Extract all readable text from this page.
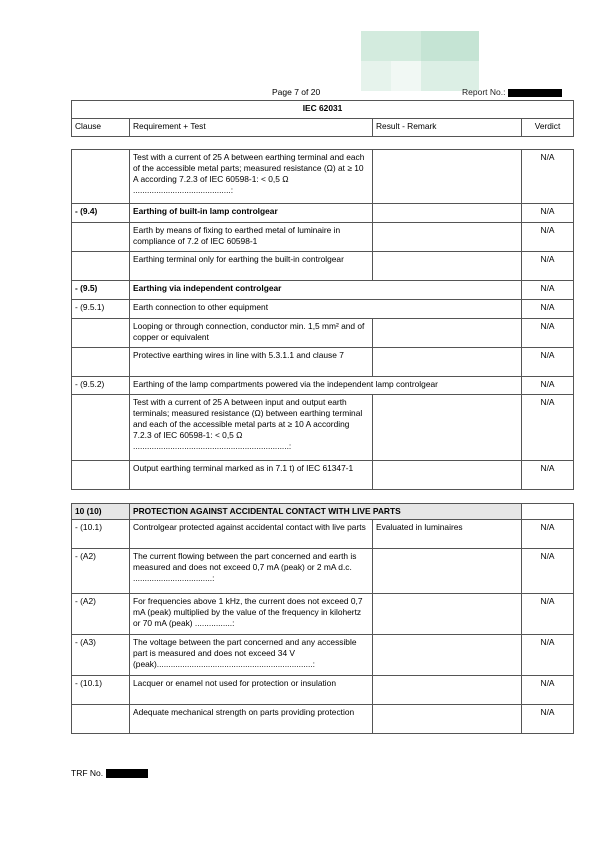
Page 7 of 20	Report No.:
IEC 62031
Clause	Requirement + Test	Result - Remark	Verdict
	Test with a current of 25 A between earthing terminal and each of the accessible metal parts; measured resistance (Ω) at ≥ 10 A according 7.2.3 of IEC 60598-1: < 0,5 Ω ..........................................:		N/A
- (9.4)	Earthing of built-in lamp controlgear		N/A
	Earth by means of fixing to earthed metal of luminaire in compliance of 7.2 of IEC 60598-1		N/A
	Earthing terminal only for earthing the built-in controlgear		N/A
- (9.5)	Earthing via independent controlgear		N/A
- (9.5.1)	Earth connection to other equipment		N/A
	Looping or through connection, conductor min. 1,5 mm² and of copper or equivalent		N/A
	Protective earthing wires in line with 5.3.1.1 and clause 7		N/A
- (9.5.2)	Earthing of the lamp compartments powered via the independent lamp controlgear		N/A
	Test with a current of 25 A between input and output earth terminals; measured resistance (Ω) between earthing terminal and each of the accessible metal parts at ≥ 10 A according 7.2.3 of IEC 60598-1: < 0,5 Ω ...................................................................:		N/A
	Output earthing terminal marked as in 7.1 t) of IEC 61347-1		N/A
10 (10)	PROTECTION AGAINST ACCIDENTAL CONTACT WITH LIVE PARTS		
- (10.1)	Controlgear protected against accidental contact with live parts	Evaluated in luminaires	N/A
- (A2)	The current flowing between the part concerned and earth is measured and does not exceed 0,7 mA (peak) or 2 mA d.c. ..................................:		N/A
- (A2)	For frequencies above 1 kHz, the current does not exceed 0,7 mA (peak) multiplied by the value of the frequency in kilohertz or 70 mA (peak) ................:		N/A
- (A3)	The voltage between the part concerned and any accessible part is measured and does not exceed 34 V (peak)...................................................................:		N/A
- (10.1)	Lacquer or enamel not used for protection or insulation		N/A
	Adequate mechanical strength on parts providing protection		N/A
TRF No.
